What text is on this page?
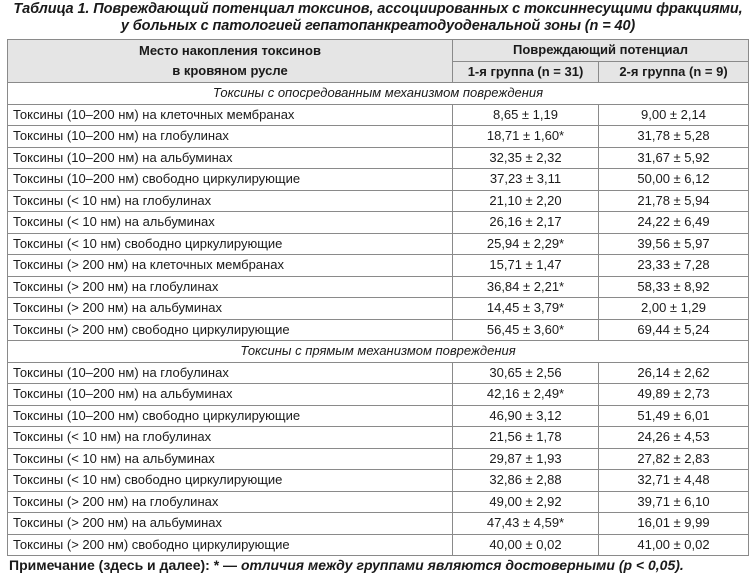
Таблица 1. Повреждающий потенциал токсинов, ассоциированных с токсиннесущими фракциями,
у больных с патологией гепатопанкреатодуоденальной зоны (n = 40)
Место накопления токсинов
в кровяном русле	Повреждающий потенциал	
	1-я группа (n = 31)	2-я группа (n = 9)
Токсины с опосредованным механизмом повреждения		
Токсины (10–200 нм) на клеточных мембранах	8,65 ± 1,19	9,00 ± 2,14
Токсины (10–200 нм) на глобулинах	18,71 ± 1,60*	31,78 ± 5,28
Токсины (10–200 нм) на альбуминах	32,35 ± 2,32	31,67 ± 5,92
Токсины (10–200 нм) свободно циркулирующие	37,23 ± 3,11	50,00 ± 6,12
Токсины (< 10 нм) на глобулинах	21,10 ± 2,20	21,78 ± 5,94
Токсины (< 10 нм) на альбуминах	26,16 ± 2,17	24,22 ± 6,49
Токсины (< 10 нм) свободно циркулирующие	25,94 ± 2,29*	39,56 ± 5,97
Токсины (> 200 нм) на клеточных мембранах	15,71 ± 1,47	23,33 ± 7,28
Токсины (> 200 нм) на глобулинах	36,84 ± 2,21*	58,33 ± 8,92
Токсины (> 200 нм) на альбуминах	14,45 ± 3,79*	2,00 ± 1,29
Токсины (> 200 нм) свободно циркулирующие	56,45 ± 3,60*	69,44 ± 5,24
Токсины с прямым механизмом повреждения		
Токсины (10–200 нм) на глобулинах	30,65 ± 2,56	26,14 ± 2,62
Токсины (10–200 нм) на альбуминах	42,16 ± 2,49*	49,89 ± 2,73
Токсины (10–200 нм) свободно циркулирующие	46,90 ± 3,12	51,49 ± 6,01
Токсины (< 10 нм) на глобулинах	21,56 ± 1,78	24,26 ± 4,53
Токсины (< 10 нм) на альбуминах	29,87 ± 1,93	27,82 ± 2,83
Токсины (< 10 нм) свободно циркулирующие	32,86 ± 2,88	32,71 ± 4,48
Токсины (> 200 нм) на глобулинах	49,00 ± 2,92	39,71 ± 6,10
Токсины (> 200 нм) на альбуминах	47,43 ± 4,59*	16,01 ± 9,99
Токсины (> 200 нм) свободно циркулирующие	40,00 ± 0,02	41,00 ± 0,02
Примечание (здесь и далее): * — отличия между группами являются достоверными (р < 0,05).
